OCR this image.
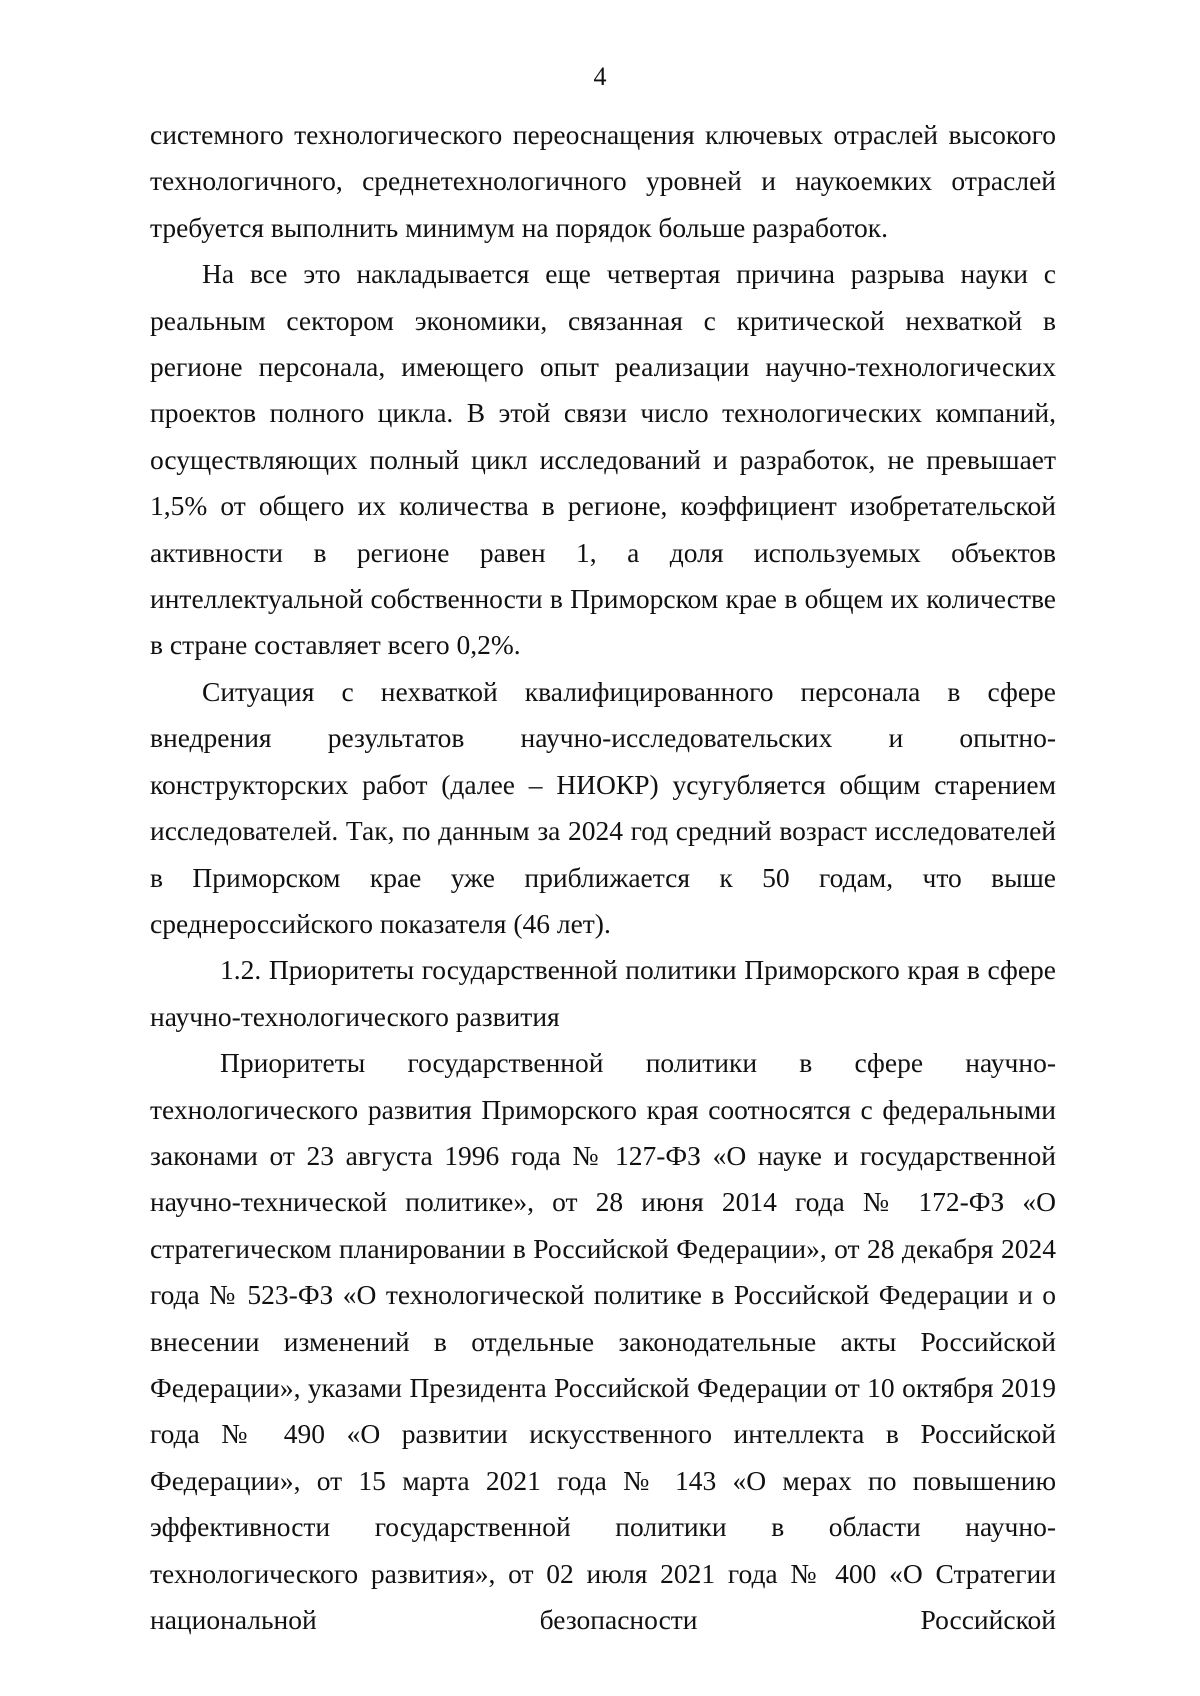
4

системного технологического переоснащения ключевых отраслей высокого технологичного, среднетехнологичного уровней и наукоемких отраслей требуется выполнить минимум на порядок больше разработок.

На все это накладывается еще четвертая причина разрыва науки с реальным сектором экономики, связанная с критической нехваткой в регионе персонала, имеющего опыт реализации научно-технологических проектов полного цикла. В этой связи число технологических компаний, осуществляющих полный цикл исследований и разработок, не превышает 1,5% от общего их количества в регионе, коэффициент изобретательской активности в регионе равен 1, а доля используемых объектов интеллектуальной собственности в Приморском крае в общем их количестве в стране составляет всего 0,2%.

Ситуация с нехваткой квалифицированного персонала в сфере внедрения результатов научно-исследовательских и опытно-конструкторских работ (далее – НИОКР) усугубляется общим старением исследователей. Так, по данным за 2024 год средний возраст исследователей в Приморском крае уже приближается к 50 годам, что выше среднероссийского показателя (46 лет).

1.2. Приоритеты государственной политики Приморского края в сфере научно-технологического развития

Приоритеты государственной политики в сфере научно-технологического развития Приморского края соотносятся с федеральными законами от 23 августа 1996 года № 127-ФЗ «О науке и государственной научно-технической политике», от 28 июня 2014 года № 172-ФЗ «О стратегическом планировании в Российской Федерации», от 28 декабря 2024 года № 523-ФЗ «О технологической политике в Российской Федерации и о внесении изменений в отдельные законодательные акты Российской Федерации», указами Президента Российской Федерации от 10 октября 2019 года № 490 «О развитии искусственного интеллекта в Российской Федерации», от 15 марта 2021 года № 143 «О мерах по повышению эффективности государственной политики в области научно-технологического развития», от 02 июля 2021 года № 400 «О Стратегии национальной безопасности Российской
